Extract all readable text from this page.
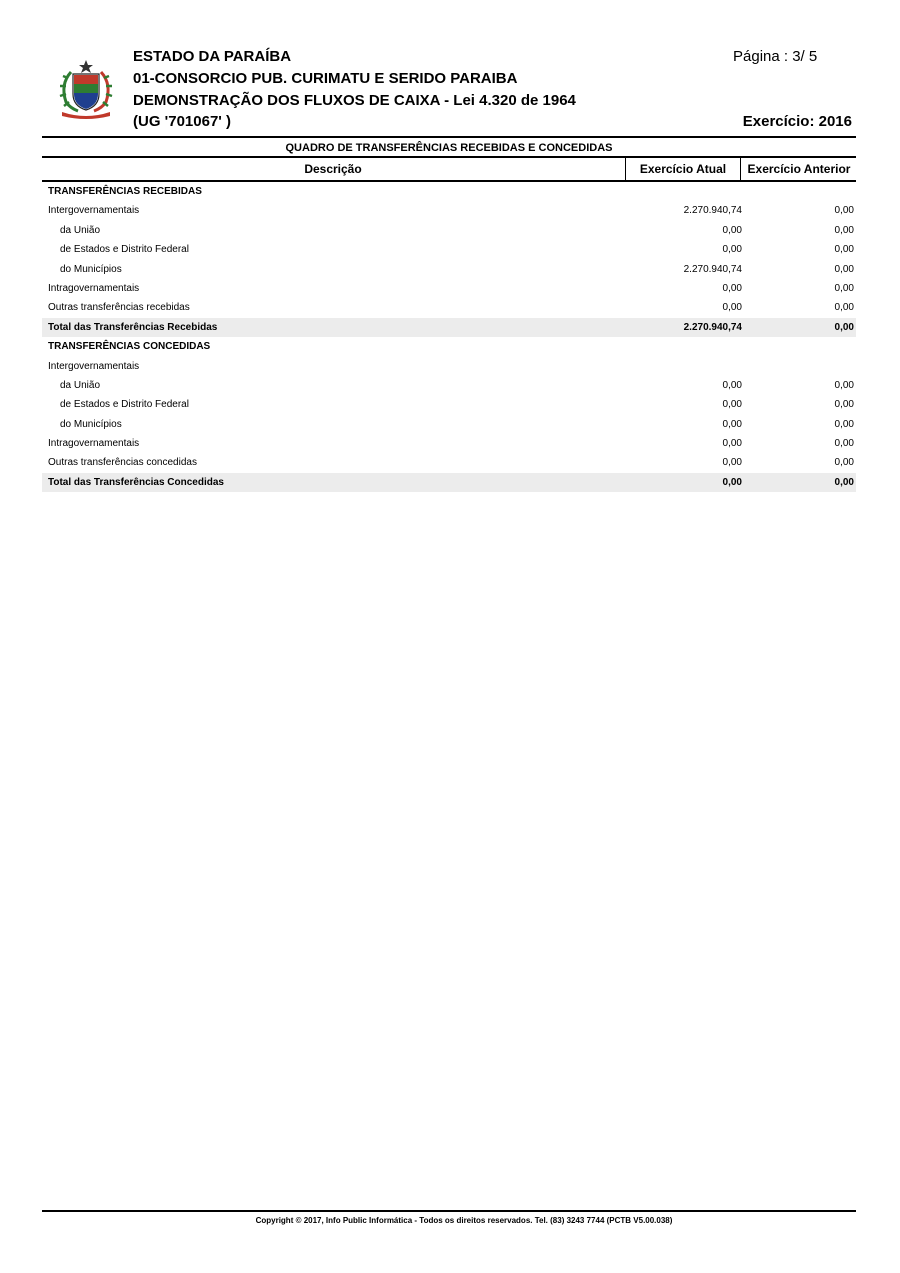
ESTADO DA PARAÍBA
01-CONSORCIO PUB. CURIMATU E SERIDO PARAIBA
DEMONSTRAÇÃO DOS FLUXOS DE CAIXA - Lei 4.320 de 1964
(UG '701067' )
Página : 3/ 5
Exercício: 2016
QUADRO DE TRANSFERÊNCIAS RECEBIDAS E CONCEDIDAS
Descrição	Exercício Atual	Exercício Anterior
TRANSFERÊNCIAS RECEBIDAS
Intergovernamentais	2.270.940,74	0,00
da União	0,00	0,00
de Estados e Distrito Federal	0,00	0,00
do Municípios	2.270.940,74	0,00
Intragovernamentais	0,00	0,00
Outras transferências recebidas	0,00	0,00
Total das Transferências Recebidas	2.270.940,74	0,00
TRANSFERÊNCIAS CONCEDIDAS
Intergovernamentais
da União	0,00	0,00
de Estados e Distrito Federal	0,00	0,00
do Municípios	0,00	0,00
Intragovernamentais	0,00	0,00
Outras transferências concedidas	0,00	0,00
Total das Transferências Concedidas	0,00	0,00
Copyright © 2017, Info Public Informática - Todos os direitos reservados. Tel. (83) 3243 7744 (PCTB V5.00.038)
